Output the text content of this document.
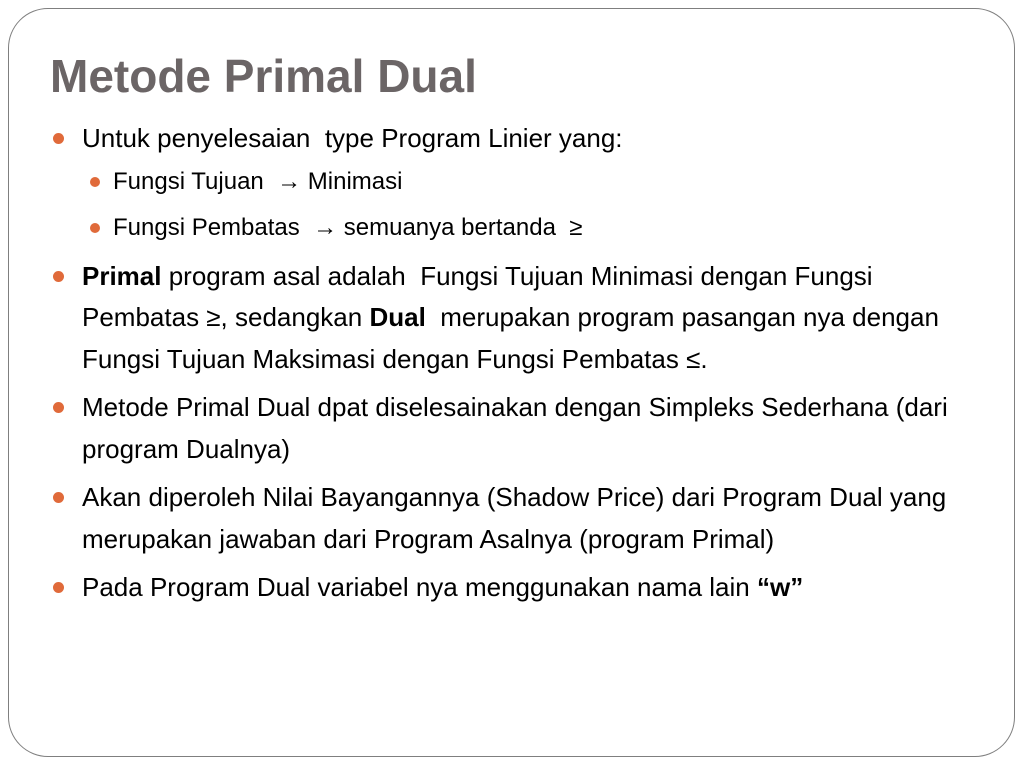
Metode Primal Dual
Untuk penyelesaian  type Program Linier yang:
Fungsi Tujuan  → Minimasi
Fungsi Pembatas  → semuanya bertanda  ≥
Primal program asal adalah  Fungsi Tujuan Minimasi dengan Fungsi Pembatas ≥, sedangkan Dual  merupakan program pasangan nya dengan Fungsi Tujuan Maksimasi dengan Fungsi Pembatas ≤.
Metode Primal Dual dpat diselesainakan dengan Simpleks Sederhana (dari program Dualnya)
Akan diperoleh Nilai Bayangannya (Shadow Price) dari Program Dual yang merupakan jawaban dari Program Asalnya (program Primal)
Pada Program Dual variabel nya menggunakan nama lain “w”
